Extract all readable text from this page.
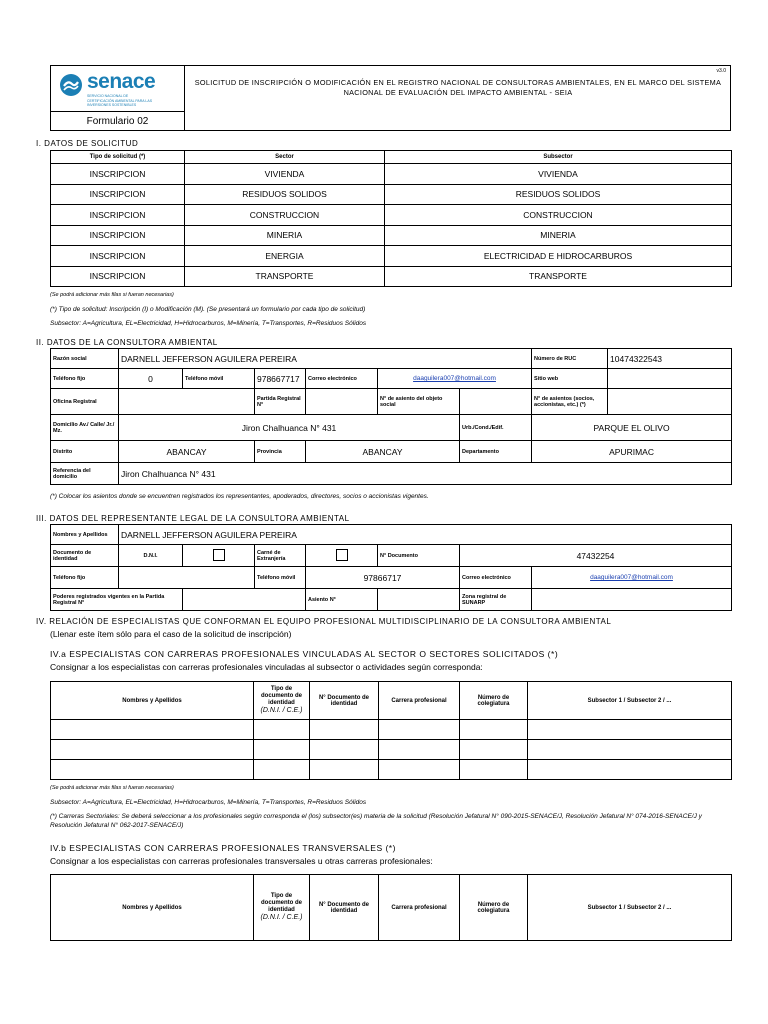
senace
SERVICIO NACIONAL DE CERTIFICACIÓN AMBIENTAL PARA LAS INVERSIONES SOSTENIBLES
Formulario 02
v3.0
SOLICITUD DE INSCRIPCIÓN O MODIFICACIÓN EN EL REGISTRO NACIONAL DE CONSULTORAS AMBIENTALES, EN EL MARCO DEL SISTEMA NACIONAL DE EVALUACIÓN DEL IMPACTO AMBIENTAL - SEIA
I. DATOS DE SOLICITUD
Tipo de solicitud (*)	Sector	Subsector
INSCRIPCION	VIVIENDA	VIVIENDA
INSCRIPCION	RESIDUOS SOLIDOS	RESIDUOS SOLIDOS
INSCRIPCION	CONSTRUCCION	CONSTRUCCION
INSCRIPCION	MINERIA	MINERIA
INSCRIPCION	ENERGIA	ELECTRICIDAD E HIDROCARBUROS
INSCRIPCION	TRANSPORTE	TRANSPORTE
(Se podrá adicionar más filas si fueran necesarias)
(*) Tipo de solicitud: Inscripción (I) o Modificación (M). (Se presentará un formulario por cada tipo de solicitud)
Subsector: A=Agricultura, EL=Electricidad, H=Hidrocarburos, M=Minería, T=Transportes, R=Residuos Sólidos
II. DATOS DE LA CONSULTORA AMBIENTAL
Razón social	DARNELL JEFFERSON AGUILERA PEREIRA						Número de RUC	10474322543
Teléfono fijo	0	Teléfono móvil	978667717	Correo electrónico	daaguilera007@hotmail.com		Sitio web	
Oficina Registral			Partida Registral N°		N° de asiento del objeto social		N° de asientos (socios, accionistas, etc.) (*)	
Domicilio Av./ Calle/ Jr./ Mz.	Jiron Chalhuanca N° 431					Urb./Cond./Edif.	PARQUE EL OLIVO	
Distrito	ABANCAY		Provincia	ABANCAY		Departamento	APURIMAC	
Referencia del domicilio	Jiron Chalhuanca N° 431							
(*) Colocar los asientos donde se encuentren registrados los representantes, apoderados, directores, socios o accionistas vigentes.
III. DATOS DEL REPRESENTANTE LEGAL DE LA CONSULTORA AMBIENTAL
Nombres y Apellidos	DARNELL JEFFERSON AGUILERA PEREIRA						
Documento de identidad	D.N.I.		Carné de Extranjería		N° Documento	47432254	
Teléfono fijo			Teléfono móvil	97866717		Correo electrónico	daaguilera007@hotmail.com
Poderes registrados vigentes en la Partida Registral N°				Asiento N°		Zona registral de SUNARP	
IV. RELACIÓN DE ESPECIALISTAS QUE CONFORMAN EL EQUIPO PROFESIONAL MULTIDISCIPLINARIO DE LA CONSULTORA AMBIENTAL
(Llenar este ítem sólo para el caso de la solicitud de inscripción)
IV.a ESPECIALISTAS CON CARRERAS PROFESIONALES VINCULADAS AL SECTOR O SECTORES SOLICITADOS (*)
Consignar a los especialistas con carreras profesionales vinculadas al subsector o actividades según corresponda:
Nombres y Apellidos	Tipo de documento de identidad
(D.N.I. / C.E.)	N° Documento de identidad	Carrera profesional	Número de colegiatura	Subsector 1 / Subsector 2 / ...

(Se podrá adicionar más filas si fueran necesarias)
Subsector: A=Agricultura, EL=Electricidad, H=Hidrocarburos, M=Minería, T=Transportes, R=Residuos Sólidos
(*) Carreras Sectoriales: Se deberá seleccionar a los profesionales según corresponda el (los) subsector(es) materia de la solicitud (Resolución Jefatural N° 090-2015-SENACE/J, Resolución Jefatural N° 074-2016-SENACE/J y Resolución Jefatural N° 062-2017-SENACE/J)
IV.b ESPECIALISTAS CON CARRERAS PROFESIONALES TRANSVERSALES (*)
Consignar a los especialistas con carreras profesionales transversales u otras carreras profesionales:
Nombres y Apellidos	Tipo de documento de identidad
(D.N.I. / C.E.)	N° Documento de identidad	Carrera profesional	Número de colegiatura	Subsector 1 / Subsector 2 / ...
